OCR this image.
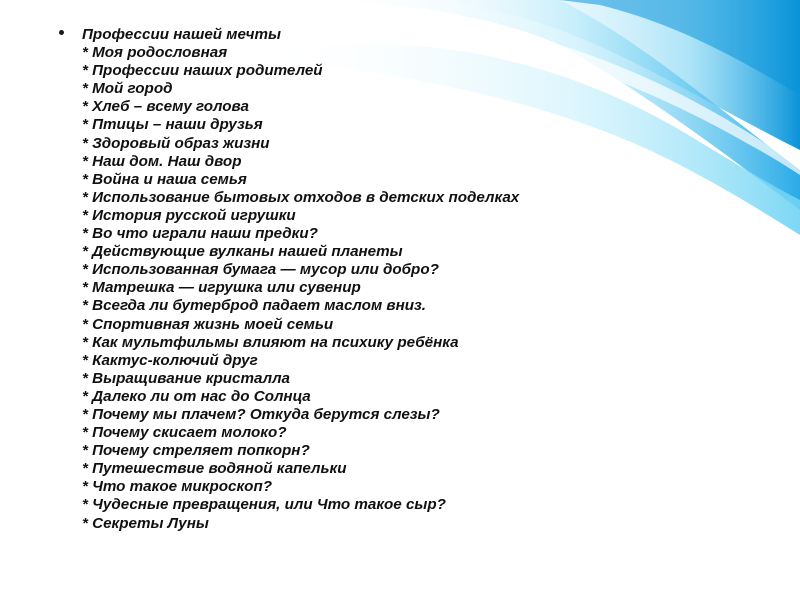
Профессии нашей мечты
* Моя родословная
* Профессии наших родителей
* Мой город
* Хлеб – всему голова
* Птицы – наши друзья
* Здоровый образ жизни
* Наш дом. Наш двор
* Война и наша семья
* Использование бытовых отходов в детских поделках
* История русской игрушки
* Во что играли наши предки?
* Действующие вулканы нашей планеты
* Использованная бумага — мусор или добро?
* Матрешка — игрушка или сувенир
* Всегда ли бутерброд падает маслом вниз.
* Спортивная жизнь моей семьи
* Как мультфильмы влияют на психику ребёнка
* Кактус-колючий друг
* Выращивание кристалла
* Далеко ли от нас до Солнца
* Почему мы плачем? Откуда берутся слезы?
* Почему скисает молоко?
* Почему стреляет попкорн?
* Путешествие водяной капельки
* Что такое микроскоп?
* Чудесные превращения, или Что такое сыр?
* Секреты Луны
